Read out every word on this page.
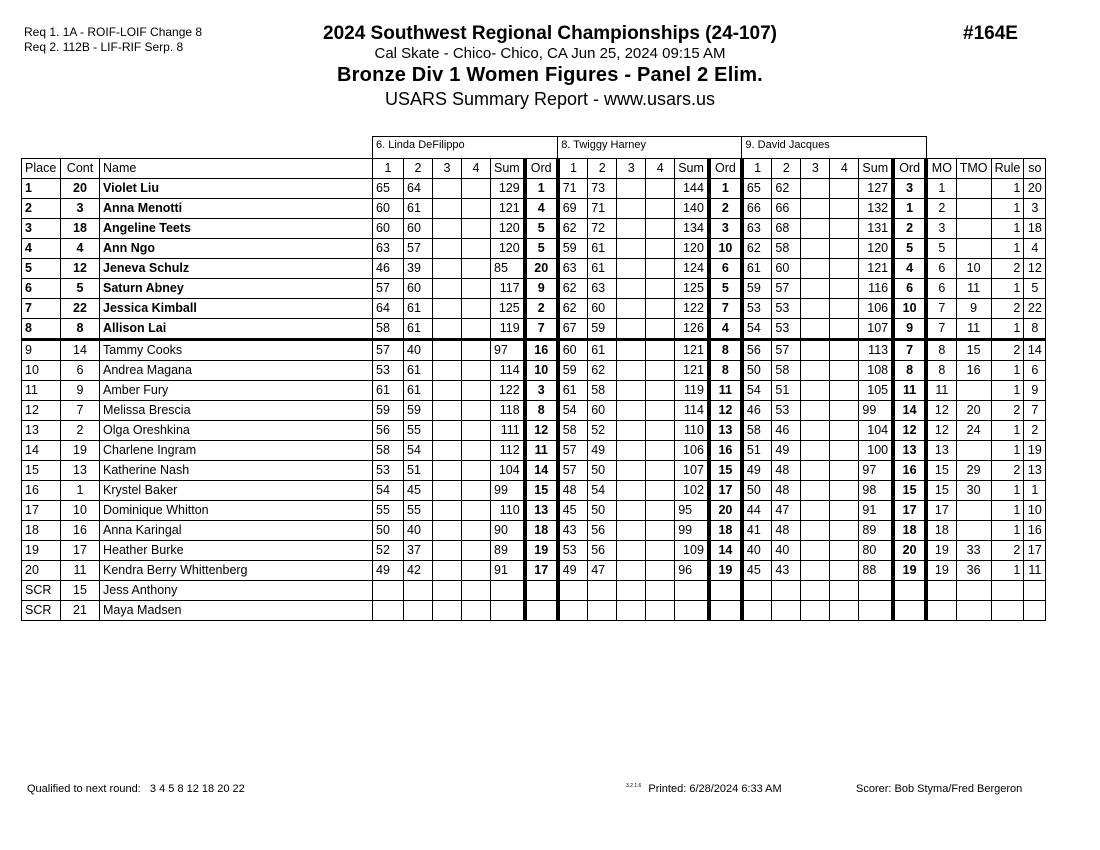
Req 1. 1A - ROIF-LOIF Change 8
Req 2. 112B - LIF-RIF Serp. 8
2024 Southwest Regional Championships (24-107)
Cal Skate - Chico- Chico, CA Jun 25, 2024 09:15 AM
Bronze Div 1 Women Figures - Panel 2 Elim.
USARS Summary Report - www.usars.us
#164E
			6. Linda DeFilippo						8. Twiggy Harney						9. David Jacques									
Place	Cont	Name	1	2	3	4	Sum	Ord	1	2	3	4	Sum	Ord	1	2	3	4	Sum	Ord	MO	TMO	Rule	so
1	20	Violet Liu	65	64			129	1	71	73			144	1	65	62			127	3	1		1	20
2	3	Anna Menotti	60	61			121	4	69	71			140	2	66	66			132	1	2		1	3
3	18	Angeline Teets	60	60			120	5	62	72			134	3	63	68			131	2	3		1	18
4	4	Ann Ngo	63	57			120	5	59	61			120	10	62	58			120	5	5		1	4
5	12	Jeneva Schulz	46	39			85	20	63	61			124	6	61	60			121	4	6	10	2	12
6	5	Saturn Abney	57	60			117	9	62	63			125	5	59	57			116	6	6	11	1	5
7	22	Jessica Kimball	64	61			125	2	62	60			122	7	53	53			106	10	7	9	2	22
8	8	Allison Lai	58	61			119	7	67	59			126	4	54	53			107	9	7	11	1	8
9	14	Tammy Cooks	57	40			97	16	60	61			121	8	56	57			113	7	8	15	2	14
10	6	Andrea Magana	53	61			114	10	59	62			121	8	50	58			108	8	8	16	1	6
11	9	Amber Fury	61	61			122	3	61	58			119	11	54	51			105	11	11		1	9
12	7	Melissa Brescia	59	59			118	8	54	60			114	12	46	53			99	14	12	20	2	7
13	2	Olga Oreshkina	56	55			111	12	58	52			110	13	58	46			104	12	12	24	1	2
14	19	Charlene Ingram	58	54			112	11	57	49			106	16	51	49			100	13	13		1	19
15	13	Katherine Nash	53	51			104	14	57	50			107	15	49	48			97	16	15	29	2	13
16	1	Krystel Baker	54	45			99	15	48	54			102	17	50	48			98	15	15	30	1	1
17	10	Dominique Whitton	55	55			110	13	45	50			95	20	44	47			91	17	17		1	10
18	16	Anna Karingal	50	40			90	18	43	56			99	18	41	48			89	18	18		1	16
19	17	Heather Burke	52	37			89	19	53	56			109	14	40	40			80	20	19	33	2	17
20	11	Kendra Berry Whittenberg	49	42			91	17	49	47			96	19	45	43			88	19	19	36	1	11
SCR	15	Jess Anthony																						
SCR	21	Maya Madsen																						
Qualified to next round: 3 4 5 8 12 18 20 22	$^{3.2.1.6}$ Printed: 6/28/2024 6:33 AM	Scorer: Bob Styma/Fred Bergeron
